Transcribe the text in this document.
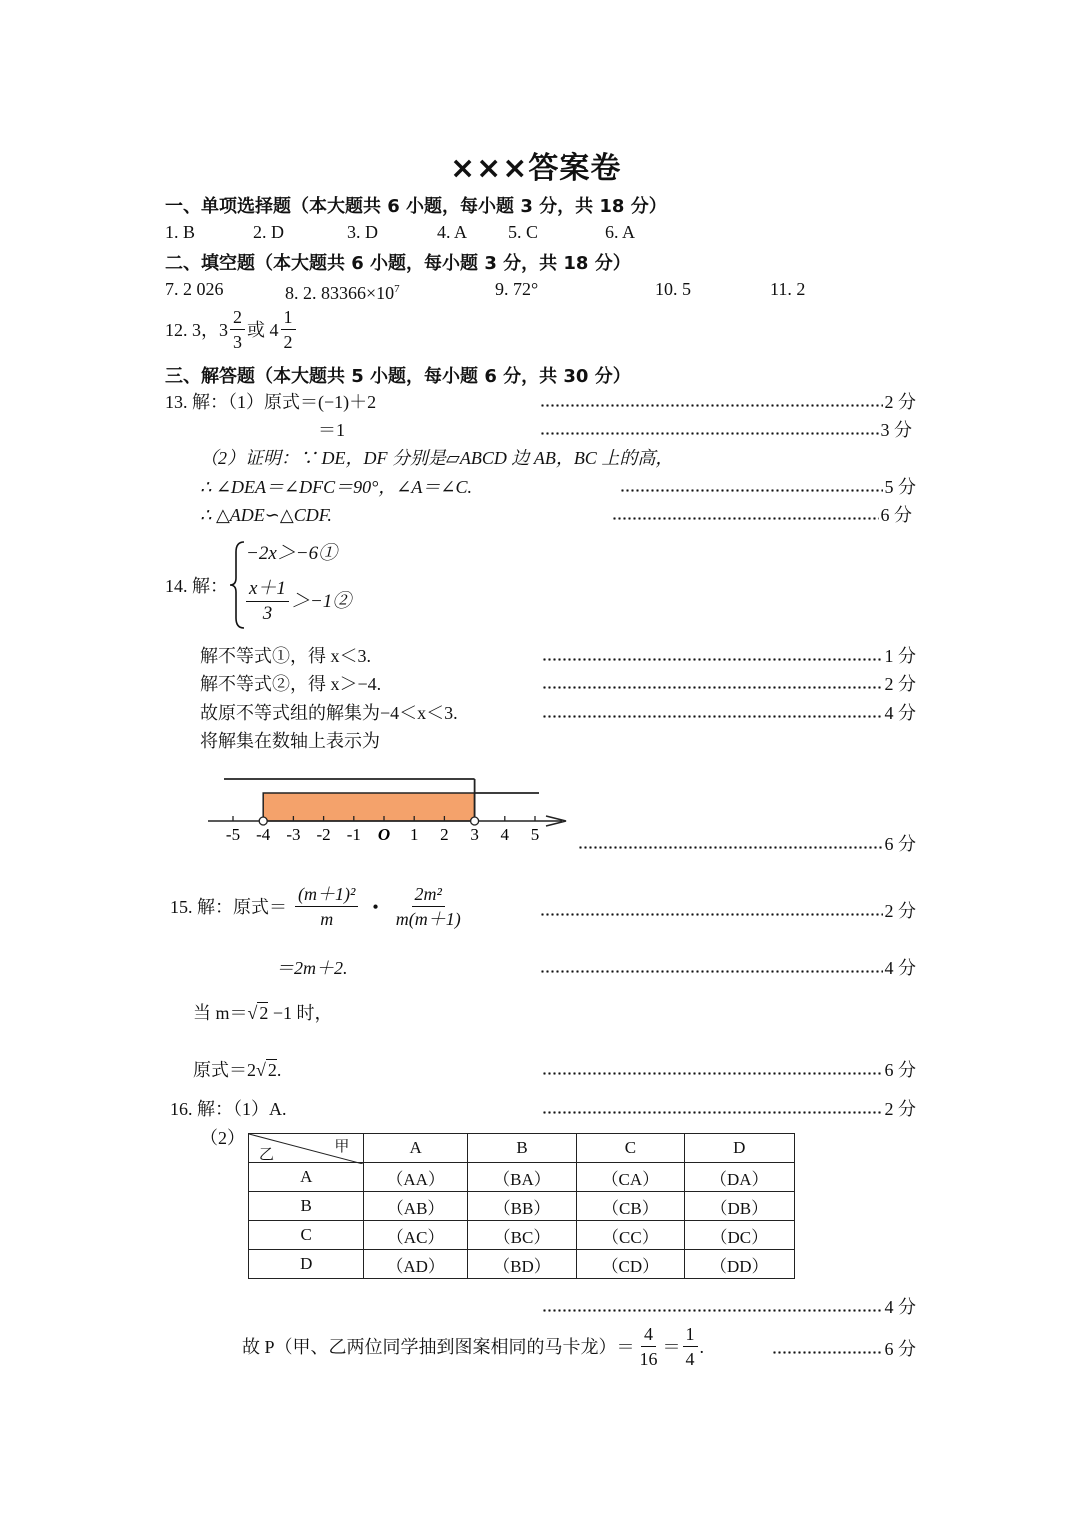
×××答案卷
一、单项选择题（本大题共 6 小题，每小题 3 分，共 18 分）
1. B	2. D	3. D	4. A 5. C	6. A
二、填空题（本大题共 6 小题，每小题 3 分，共 18 分）
7. 2 026	8. 2. $83366\times 10^7$	9. 72°	10. 5	11. 2
12. 3，$3 \frac{2}{3}$ 或 $4 \frac{1}{2}$
三、解答题（本大题共 5 小题，每小题 6 分，共 30 分）
13. 解：（1）原式＝(−1)＋2	2 分
＝1	3 分
（2）证明：∵ DE，DF 分别是▱ABCD 边 AB，BC 上的高，
∴ ∠DEA＝∠DFC＝90°，∠A＝∠C.	5 分
∴ △ADE∽△CDF.	6 分
14. 解：
−2x＞−6①
$\frac{x+1}{3}$ ＞−1②
解不等式①，得 x＜3.	1 分
解不等式②，得 x＞−4.	2 分
故原不等式组的解集为−4＜x＜3.	4 分
将解集在数轴上表示为
-5 -4 -3 -2 -1 O 1 2 3 4 5	6 分
15. 解：原式＝ $\frac{\text{(m＋1)²}}{m}$ • $\frac{\text{2m²}}{m(m+1)}$	2 分
＝2m＋2.	4 分
当 m＝√ 2 −1 时，
原式＝2√ 2.	6 分
16. 解：（1）A.	2 分
（2）	甲
乙	A	B	C	D
A	（AA）	（BA）	（CA）	（DA）
B	（AB）	（BB）	（CB）	（DB）
C	（AC）	（BC）	（CC）	（DC）
D	（AD）	（BD）	（CD）	（DD）
4 分
故 P（甲、乙两位同学抽到图案相同的马卡龙）＝ $\frac{4}{16} = \frac{1}{4}$ .	6 分
